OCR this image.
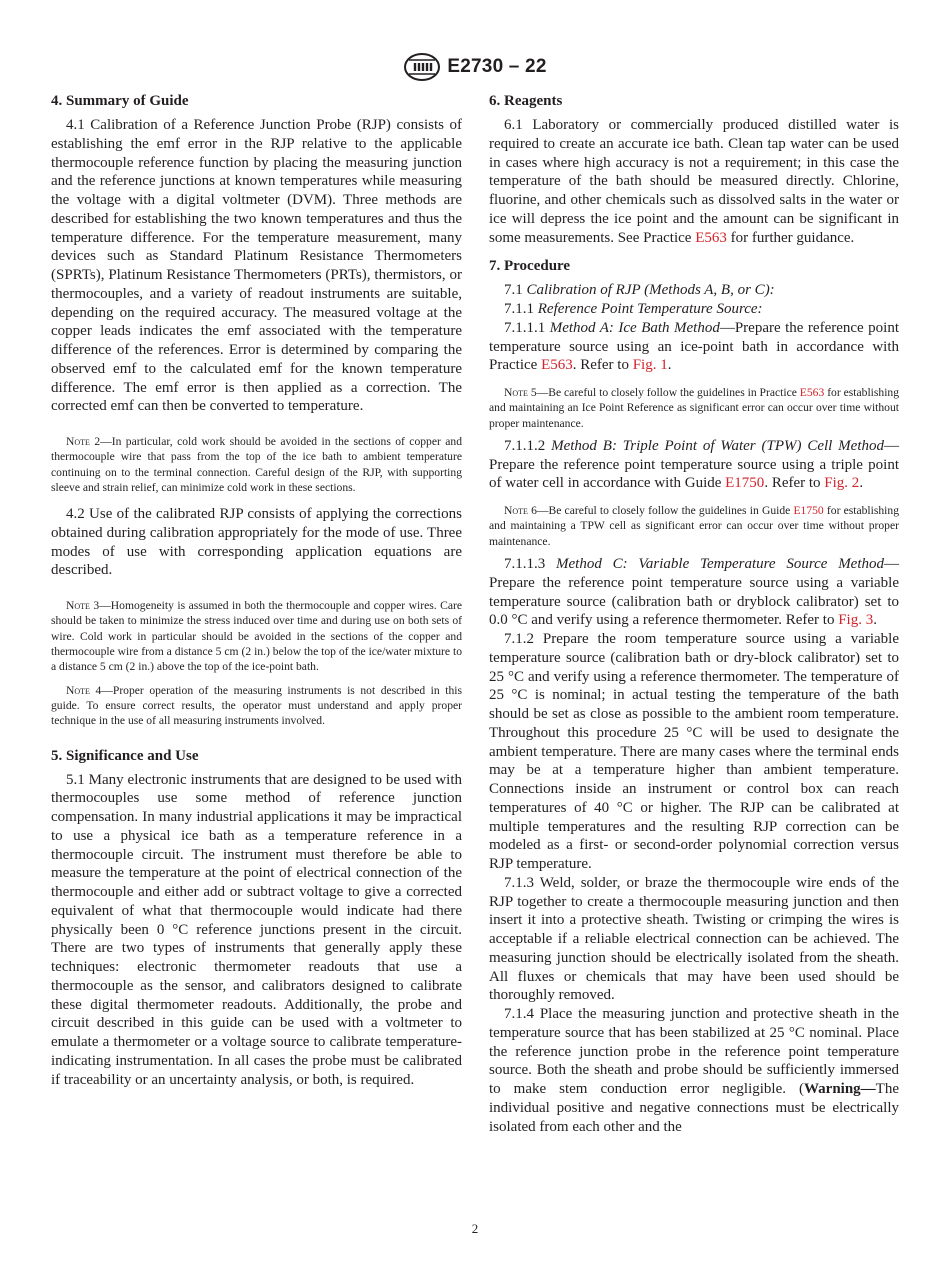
E2730 – 22
4. Summary of Guide

4.1 Calibration of a Reference Junction Probe (RJP) consists of establishing the emf error in the RJP relative to the applicable thermocouple reference function by placing the measuring junction and the reference junctions at known temperatures while measuring the voltage with a digital voltmeter (DVM). Three methods are described for establishing the two known temperatures and thus the temperature difference. For the temperature measurement, many devices such as Standard Platinum Resistance Thermometers (SPRTs), Platinum Resistance Thermometers (PRTs), thermistors, or thermocouples, and a variety of readout instruments are suitable, depending on the required accuracy. The measured voltage at the copper leads indicates the emf associated with the temperature difference of the references. Error is determined by comparing the observed emf to the calculated emf for the known temperature difference. The emf error is then applied as a correction. The corrected emf can then be converted to temperature.

Note 2—In particular, cold work should be avoided in the sections of copper and thermocouple wire that pass from the top of the ice bath to ambient temperature continuing on to the terminal connection. Careful design of the RJP, with supporting sleeve and strain relief, can minimize cold work in these sections.

4.2 Use of the calibrated RJP consists of applying the corrections obtained during calibration appropriately for the mode of use. Three modes of use with corresponding application equations are described.

Note 3—Homogeneity is assumed in both the thermocouple and copper wires. Care should be taken to minimize the stress induced over time and during use on both sets of wire. Cold work in particular should be avoided in the sections of the copper and thermocouple wire from a distance 5 cm (2 in.) below the top of the ice/water mixture to a distance 5 cm (2 in.) above the top of the ice-point bath.

Note 4—Proper operation of the measuring instruments is not described in this guide. To ensure correct results, the operator must understand and apply proper technique in the use of all measuring instruments involved.

5. Significance and Use

5.1 Many electronic instruments that are designed to be used with thermocouples use some method of reference junction compensation. In many industrial applications it may be impractical to use a physical ice bath as a temperature reference in a thermocouple circuit. The instrument must therefore be able to measure the temperature at the point of electrical connection of the thermocouple and either add or subtract voltage to give a corrected equivalent of what that thermocouple would indicate had there physically been 0 °C reference junctions present in the circuit. There are two types of instruments that generally apply these techniques: electronic thermometer readouts that use a thermocouple as the sensor, and calibrators designed to calibrate these digital thermometer readouts. Additionally, the probe and circuit described in this guide can be used with a voltmeter to emulate a thermometer or a voltage source to calibrate temperature-indicating instrumentation. In all cases the probe must be calibrated if traceability or an uncertainty analysis, or both, is required.

6. Reagents

6.1 Laboratory or commercially produced distilled water is required to create an accurate ice bath. Clean tap water can be used in cases where high accuracy is not a requirement; in this case the temperature of the bath should be measured directly. Chlorine, fluorine, and other chemicals such as dissolved salts in the water or ice will depress the ice point and the amount can be significant in some measurements. See Practice E563 for further guidance.

7. Procedure

7.1 Calibration of RJP (Methods A, B, or C):

7.1.1 Reference Point Temperature Source:

7.1.1.1 Method A: Ice Bath Method—Prepare the reference point temperature source using an ice-point bath in accordance with Practice E563. Refer to Fig. 1.

Note 5—Be careful to closely follow the guidelines in Practice E563 for establishing and maintaining an Ice Point Reference as significant error can occur over time without proper maintenance.

7.1.1.2 Method B: Triple Point of Water (TPW) Cell Method—Prepare the reference point temperature source using a triple point of water cell in accordance with Guide E1750. Refer to Fig. 2.

Note 6—Be careful to closely follow the guidelines in Guide E1750 for establishing and maintaining a TPW cell as significant error can occur over time without proper maintenance.

7.1.1.3 Method C: Variable Temperature Source Method—Prepare the reference point temperature source using a variable temperature source (calibration bath or dryblock calibrator) set to 0.0 °C and verify using a reference thermometer. Refer to Fig. 3.

7.1.2 Prepare the room temperature source using a variable temperature source (calibration bath or dry-block calibrator) set to 25 °C and verify using a reference thermometer. The temperature of 25 °C is nominal; in actual testing the temperature of the bath should be set as close as possible to the ambient room temperature. Throughout this procedure 25 °C will be used to designate the ambient temperature. There are many cases where the terminal ends may be at a temperature higher than ambient temperature. Connections inside an instrument or control box can reach temperatures of 40 °C or higher. The RJP can be calibrated at multiple temperatures and the resulting RJP correction can be modeled as a first- or second-order polynomial correction versus RJP temperature.

7.1.3 Weld, solder, or braze the thermocouple wire ends of the RJP together to create a thermocouple measuring junction and then insert it into a protective sheath. Twisting or crimping the wires is acceptable if a reliable electrical connection can be achieved. The measuring junction should be electrically isolated from the sheath. All fluxes or chemicals that may have been used should be thoroughly removed.

7.1.4 Place the measuring junction and protective sheath in the temperature source that has been stabilized at 25 °C nominal. Place the reference junction probe in the reference point temperature source. Both the sheath and probe should be sufficiently immersed to make stem conduction error negligible. (Warning—The individual positive and negative connections must be electrically isolated from each other and the

2
